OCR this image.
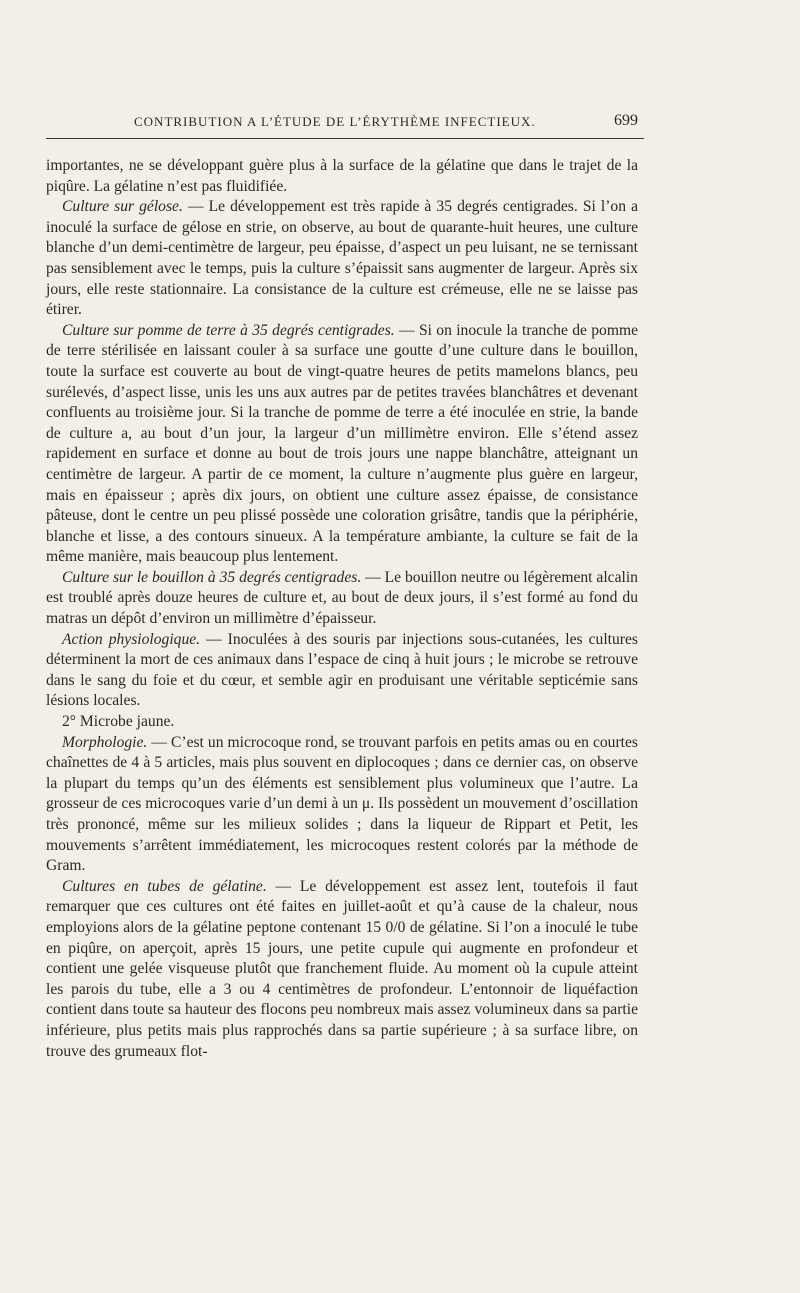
CONTRIBUTION A L’ÉTUDE DE L’ÉRYTHÈME INFECTIEUX.	699

importantes, ne se développant guère plus à la surface de la gélatine que dans le trajet de la piqûre. La gélatine n’est pas fluidifiée.

Culture sur gélose. — Le développement est très rapide à 35 degrés centigrades. Si l’on a inoculé la surface de gélose en strie, on observe, au bout de quarante-huit heures, une culture blanche d’un demi-centimètre de largeur, peu épaisse, d’aspect un peu luisant, ne se ternissant pas sensiblement avec le temps, puis la culture s’épaissit sans augmenter de largeur. Après six jours, elle reste stationnaire. La consistance de la culture est crémeuse, elle ne se laisse pas étirer.

Culture sur pomme de terre à 35 degrés centigrades. — Si on inocule la tranche de pomme de terre stérilisée en laissant couler à sa surface une goutte d’une culture dans le bouillon, toute la surface est couverte au bout de vingt-quatre heures de petits mamelons blancs, peu surélevés, d’aspect lisse, unis les uns aux autres par de petites travées blanchâtres et devenant confluents au troisième jour. Si la tranche de pomme de terre a été inoculée en strie, la bande de culture a, au bout d’un jour, la largeur d’un millimètre environ. Elle s’étend assez rapidement en surface et donne au bout de trois jours une nappe blanchâtre, atteignant un centimètre de largeur. A partir de ce moment, la culture n’augmente plus guère en largeur, mais en épaisseur ; après dix jours, on obtient une culture assez épaisse, de consistance pâteuse, dont le centre un peu plissé possède une coloration grisâtre, tandis que la périphérie, blanche et lisse, a des contours sinueux. A la température ambiante, la culture se fait de la même manière, mais beaucoup plus lentement.

Culture sur le bouillon à 35 degrés centigrades. — Le bouillon neutre ou légèrement alcalin est troublé après douze heures de culture et, au bout de deux jours, il s’est formé au fond du matras un dépôt d’environ un millimètre d’épaisseur.

Action physiologique. — Inoculées à des souris par injections sous-cutanées, les cultures déterminent la mort de ces animaux dans l’espace de cinq à huit jours ; le microbe se retrouve dans le sang du foie et du cœur, et semble agir en produisant une véritable septicémie sans lésions locales.

2° Microbe jaune.

Morphologie. — C’est un microcoque rond, se trouvant parfois en petits amas ou en courtes chaînettes de 4 à 5 articles, mais plus souvent en diplocoques ; dans ce dernier cas, on observe la plupart du temps qu’un des éléments est sensiblement plus volumineux que l’autre. La grosseur de ces microcoques varie d’un demi à un μ. Ils possèdent un mouvement d’oscillation très prononcé, même sur les milieux solides ; dans la liqueur de Rippart et Petit, les mouvements s’arrêtent immédiatement, les microcoques restent colorés par la méthode de Gram.

Cultures en tubes de gélatine. — Le développement est assez lent, toutefois il faut remarquer que ces cultures ont été faites en juillet-août et qu’à cause de la chaleur, nous employions alors de la gélatine peptone contenant 15 0/0 de gélatine. Si l’on a inoculé le tube en piqûre, on aperçoit, après 15 jours, une petite cupule qui augmente en profondeur et contient une gelée visqueuse plutôt que franchement fluide. Au moment où la cupule atteint les parois du tube, elle a 3 ou 4 centimètres de profondeur. L’entonnoir de liquéfaction contient dans toute sa hauteur des flocons peu nombreux mais assez volumineux dans sa partie inférieure, plus petits mais plus rapprochés dans sa partie supérieure ; à sa surface libre, on trouve des grumeaux flot-
